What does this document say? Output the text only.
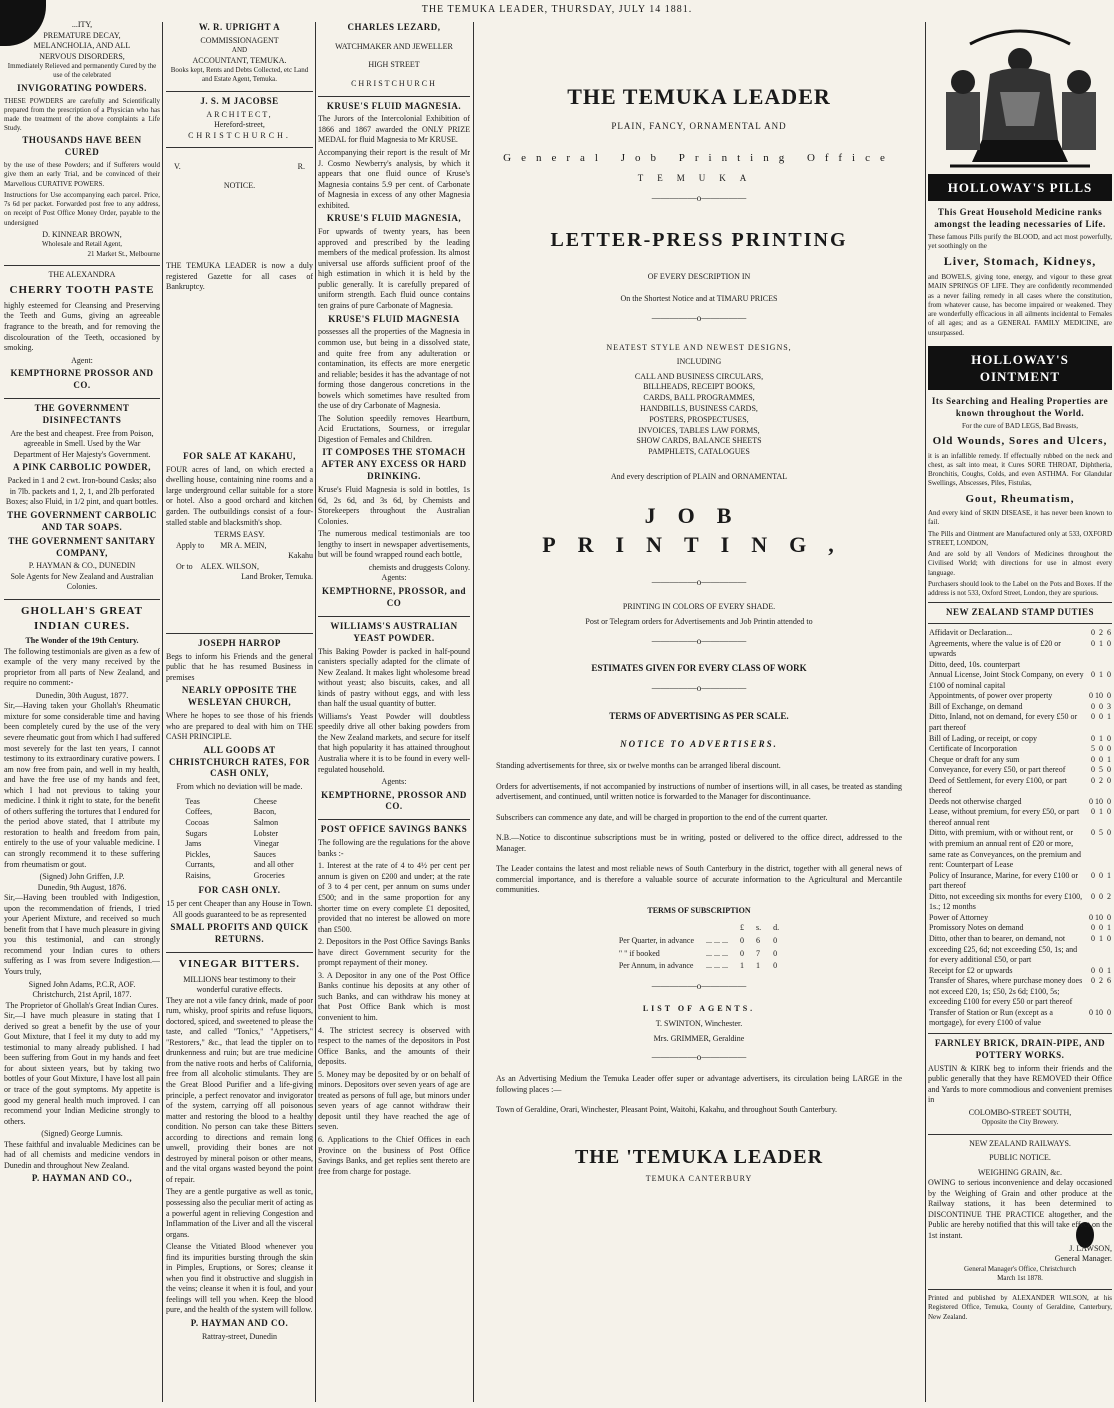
THE TEMUKA LEADER, THURSDAY, JULY 14 1881.
...ITY,
PREMATURE DECAY,
MELANCHOLIA, AND ALL
NERVOUS DISORDERS,
Immediately Relieved and permanently Cured by the use of the celebrated
INVIGORATING POWDERS.
THESE POWDERS are carefully and Scientifically prepared from the prescription of a Physician who has made the treatment of the above complaints a Life Study.
THOUSANDS HAVE BEEN CURED
by the use of these Powders; and if Sufferers would give them an early Trial, and be convinced of their Marvellous CURATIVE POWERS.
Instructions for Use accompanying each parcel. Price, 7s 6d per packet. Forwarded post free to any address, on receipt of Post Office Money Order, payable to the undersigned
D. KINNEAR BROWN,
Wholesale and Retail Agent,
21 Market St., Melbourne
THE ALEXANDRA
CHERRY TOOTH PASTE
highly esteemed for Cleansing and Preserving the Teeth and Gums, giving an agreeable fragrance to the breath, and for removing the discolouration of the Teeth, occasioned by smoking.
Agent:
KEMPTHORNE PROSSOR AND CO.
THE GOVERNMENT DISINFECTANTS
Are the best and cheapest. Free from Poison, agreeable in Smell. Used by the War Department of Her Majesty's Government.
A PINK CARBOLIC POWDER,
Packed in 1 and 2 cwt. Iron-bound Casks; also in 7lb. packets and 1, 2, 1, and 2lb perforated Boxes; also Fluid, in 1/2 pint, and quart bottles.
THE GOVERNMENT CARBOLIC AND TAR SOAPS.
THE GOVERNMENT SANITARY COMPANY,
P. HAYMAN & CO., DUNEDIN
Sole Agents for New Zealand and Australian Colonies.
GHOLLAH'S GREAT INDIAN CURES.
The Wonder of the 19th Century.
The following testimonials are given as a few of example of the very many received by the proprietor from all parts of New Zealand, and require no comment:-
Dunedin, 30th August, 1877.
Sir,—Having taken your Ghollah's Rheumatic mixture for some considerable time and having been completely cured by the use of the very severe rheumatic gout from which I had suffered most severely for the last ten years, I cannot testimony to its extraordinary curative powers. I am now free from pain, and well in my health, and have the free use of my hands and feet, which I had not previous to taking your medicine. I think it right to state, for the benefit of others suffering the tortures that I endured for the period above stated, that I attribute my restoration to health and freedom from pain, entirely to the use of your valuable medicine. I can strongly recommend it to these suffering from rheumatism or gout.
(Signed) John Griffen, J.P.
Dunedin, 9th August, 1876.
Sir,—Having been troubled with Indigestion, upon the recommendation of friends, I tried your Aperient Mixture, and received so much benefit from that I have much pleasure in giving you this testimonial, and can strongly recommend your Indian cures to others suffering as I was from severe Indigestion.—Yours truly,
Signed John Adams, P.C.R, AOF.
Christchurch, 21st April, 1877.
The Proprietor of Ghollah's Great Indian Cures.
Sir,—I have much pleasure in stating that I derived so great a benefit by the use of your Gout Mixture, that I feel it my duty to add my testimonial to many already published. I had been suffering from Gout in my hands and feet for about sixteen years, but by taking two bottles of your Gout Mixture, I have lost all pain or trace of the gout symptoms. My appetite is good my general health much improved. I can recommend your Indian Medicine strongly to others.
(Signed) George Lumnis.
These faithful and invaluable Medicines can be had of all chemists and medicine vendors in Dunedin and throughout New Zealand.
P. HAYMAN AND CO.,
W. R. UPRIGHT A
COMMISSIONAGENT
AND
ACCOUNTANT, TEMUKA.
Books kept, Rents and Debts Collected, etc Land and Estate Agent, Temuka.
J. S. M JACOBSE
ARCHITECT,
Hereford-street,
CHRISTCHURCH.
V.	R.
NOTICE.
THE TEMUKA LEADER is now a duly registered Gazette for all cases of Bankruptcy.
FOR SALE AT KAKAHU,
FOUR acres of land, on which erected a dwelling house, containing nine rooms and a large underground cellar suitable for a store or hotel. Also a good orchard and kitchen garden. The outbuildings consist of a four-stalled stable and blacksmith's shop.
TERMS EASY.
Apply to MR A. MEIN,
Kakahu
Or to ALEX. WILSON,
Land Broker, Temuka.
JOSEPH HARROP
Begs to inform his Friends and the general public that he has resumed Business in premises
NEARLY OPPOSITE THE WESLEYAN CHURCH,
Where he hopes to see those of his friends who are prepared to deal with him on THE CASH PRINCIPLE.
ALL GOODS AT CHRISTCHURCH RATES, FOR CASH ONLY,
From which no deviation will be made.
Teas
Coffees,
Cocoas
Sugars
Jams
Pickles,
Currants,
Raisins,
Cheese
Bacon,
Salmon
Lobster
Vinegar
Sauces
and all other
Groceries
FOR CASH ONLY.
15 per cent Cheaper than any House in Town.
All goods guaranteed to be as represented
SMALL PROFITS AND QUICK RETURNS.
VINEGAR BITTERS.
MILLIONS bear testimony to their wonderful curative effects.
They are not a vile fancy drink, made of poor rum, whisky, proof spirits and refuse liquors, doctored, spiced, and sweetened to please the taste, and called "Tonics," "Appetisers," "Restorers," &c., that lead the tippler on to drunkenness and ruin; but are true medicine from the native roots and herbs of California, free from all alcoholic stimulants. They are the Great Blood Purifier and a life-giving principle, a perfect renovator and invigorator of the system, carrying off all poisonous matter and restoring the blood to a healthy condition. No person can take these Bitters according to directions and remain long unwell, providing their bones are not destroyed by mineral poison or other means, and the vital organs wasted beyond the point of repair.
They are a gentle purgative as well as tonic, possessing also the peculiar merit of acting as a powerful agent in relieving Congestion and Inflammation of the Liver and all the visceral organs.
Cleanse the Vitiated Blood whenever you find its impurities bursting through the skin in Pimples, Eruptions, or Sores; cleanse it when you find it obstructive and sluggish in the veins; cleanse it when it is foul, and your feelings will tell you when. Keep the blood pure, and the health of the system will follow.
P. HAYMAN AND CO.
Rattray-street, Dunedin
CHARLES LEZARD,
WATCHMAKER AND JEWELLER
HIGH STREET
CHRISTCHURCH
KRUSE'S FLUID MAGNESIA.
The Jurors of the Intercolonial Exhibition of 1866 and 1867 awarded the ONLY PRIZE MEDAL for fluid Magnesia to Mr KRUSE.
Accompanying their report is the result of Mr J. Cosmo Newberry's analysis, by which it appears that one fluid ounce of Kruse's Magnesia contains 5.9 per cent. of Carbonate of Magnesia in excess of any other Magnesia exhibited.
KRUSE'S FLUID MAGNESIA,
For upwards of twenty years, has been approved and prescribed by the leading members of the medical profession. Its almost universal use affords sufficient proof of the high estimation in which it is held by the public generally. It is carefully prepared of uniform strength. Each fluid ounce contains ten grains of pure Carbonate of Magnesia.
KRUSE'S FLUID MAGNESIA
possesses all the properties of the Magnesia in common use, but being in a dissolved state, and quite free from any adulteration or contamination, its effects are more energetic and reliable; besides it has the advantage of not forming those dangerous concretions in the bowels which sometimes have resulted from the use of dry Carbonate of Magnesia.
The Solution speedily removes Heartburn, Acid Eructations, Sourness, or irregular Digestion of Females and Children.
IT COMPOSES THE STOMACH AFTER ANY EXCESS OR HARD DRINKING.
Kruse's Fluid Magnesia is sold in bottles, 1s 6d, 2s 6d, and 3s 6d, by Chemists and Storekeepers throughout the Australian Colonies.
The numerous medical testimonials are too lengthy to insert in newspaper advertisements, but will be found wrapped round each bottle,
chemists and druggests Colony.
Agents:
KEMPTHORNE, PROSSOR, and CO
WILLIAMS'S AUSTRALIAN YEAST POWDER.
This Baking Powder is packed in half-pound canisters specially adapted for the climate of New Zealand. It makes light wholesome bread without yeast; also biscuits, cakes, and all kinds of pastry without eggs, and with less than half the usual quantity of butter.
Williams's Yeast Powder will doubtless speedily drive all other baking powders from the New Zealand markets, and secure for itself that high popularity it has attained throughout Australia where it is to be found in every well-regulated household.
Agents:
KEMPTHORNE, PROSSOR AND CO.
POST OFFICE SAVINGS BANKS
The following are the regulations for the above banks :-
1. Interest at the rate of 4 to 4½ per cent per annum is given on £200 and under; at the rate of 3 to 4 per cent, per annum on sums under £500; and in the same proportion for any shorter time on every complete £1 deposited, provided that no interest be allowed on more than £500.
2. Depositors in the Post Office Savings Banks have direct Government security for the prompt repayment of their money.
3. A Depositor in any one of the Post Office Banks continue his deposits at any other of such Banks, and can withdraw his money at that Post Office Bank which is most convenient to him.
4. The strictest secrecy is observed with respect to the names of the depositors in Post Office Banks, and the amounts of their deposits.
5. Money may be deposited by or on behalf of minors. Depositors over seven years of age are treated as persons of full age, but minors under seven years of age cannot withdraw their deposit until they have reached the age of seven.
6. Applications to the Chief Offices in each Province on the business of Post Office Savings Banks, and get replies sent thereto are free from charge for postage.
THE TEMUKA LEADER
PLAIN, FANCY, ORNAMENTAL AND
General Job Printing Office
TEMUKA
—————o—————
LETTER-PRESS PRINTING
OF EVERY DESCRIPTION IN
On the Shortest Notice and at TIMARU PRICES
—————o—————
NEATEST STYLE AND NEWEST DESIGNS,
INCLUDING
CALL AND BUSINESS CIRCULARS,
BILLHEADS, RECEIPT BOOKS,
CARDS, BALL PROGRAMMES,
HANDBILLS, BUSINESS CARDS,
POSTERS, PROSPECTUSES,
INVOICES, TABLES LAW FORMS,
SHOW CARDS, BALANCE SHEETS
PAMPHLETS, CATALOGUES
And every description of PLAIN and ORNAMENTAL
JOB PRINTING,
—————o—————
PRINTING IN COLORS OF EVERY SHADE.
Post or Telegram orders for Advertisements and Job Printin attended to
—————o—————
ESTIMATES GIVEN FOR EVERY CLASS OF WORK
—————o—————
TERMS OF ADVERTISING AS PER SCALE.
NOTICE TO ADVERTISERS.
Standing advertisements for three, six or twelve months can be arranged liberal discount.
Orders for advertisements, if not accompanied by instructions of number of insertions will, in all cases, be treated as standing advertisement, and continued, until written notice is forwarded to the Manager for discontinuance.
Subscribers can commence any date, and will be charged in proportion to the end of the current quarter.
N.B.—Notice to discontinue subscriptions must be in writing, posted or delivered to the office direct, addressed to the Manager.
The Leader contains the latest and most reliable news of South Canterbury in the district, together with all general news of commercial importance, and is therefore a valuable source of accurate information to the Agricultural and Mercantile communities.
TERMS OF SUBSCRIPTION
		£	s.	d.
Per Quarter, in advance	... ... ...	0	6	0
" " if booked	... ... ...	0	7	0
Per Annum, in advance	... ... ...	1	1	0
—————o—————
LIST OF AGENTS.
T. SWINTON, Winchester.
Mrs. GRIMMER, Geraldine
—————o—————
As an Advertising Medium the Temuka Leader offer super or advantage advertisers, its circulation being LARGE in the following places :—
Town of Geraldine, Orari, Winchester, Pleasant Point, Waitohi, Kakahu, and throughout South Canterbury.
THE 'TEMUKA LEADER
TEMUKA CANTERBURY
HOLLOWAY'S PILLS
This Great Household Medicine ranks amongst the leading necessaries of Life.
These famous Pills purify the BLOOD, and act most powerfully, yet soothingly on the
Liver, Stomach, Kidneys,
and BOWELS, giving tone, energy, and vigour to these great MAIN SPRINGS OF LIFE. They are confidently recommended as a never failing remedy in all cases where the constitution, from whatever cause, has become impaired or weakened. They are wonderfully efficacious in all ailments incidental to Females of all ages; and as a GENERAL FAMILY MEDICINE, are unsurpassed.
HOLLOWAY'S OINTMENT
Its Searching and Healing Properties are known throughout the World.
For the cure of BAD LEGS, Bad Breasts,
Old Wounds, Sores and Ulcers,
it is an infallible remedy. If effectually rubbed on the neck and chest, as salt into meat, it Cures SORE THROAT, Diphtheria, Bronchitis, Coughs, Colds, and even ASTHMA. For Glandular Swellings, Abscesses, Piles, Fistulas,
Gout, Rheumatism,
And every kind of SKIN DISEASE, it has never been known to fail.
The Pills and Ointment are Manufactured only at 533, OXFORD STREET, LONDON,
And are sold by all Vendors of Medicines throughout the Civilised World; with directions for use in almost every language.
Purchasers should look to the Label on the Pots and Boxes. If the address is not 533, Oxford Street, London, they are spurious.
NEW ZEALAND STAMP DUTIES
Affidavit or Declaration...	0  2  6
Agreements, where the value is of £20 or upwards	0  1  0
Ditto, deed, 10s. counterpart	
Annual License, Joint Stock Company, on every £100 of nominal capital	0  1  0
Appointments, of power over property	0 10  0
Bill of Exchange, on demand	0  0  3
Ditto, Inland, not on demand, for every £50 or part thereof	0  0  1
Bill of Lading, or receipt, or copy	0  1  0
Certificate of Incorporation	5  0  0
Cheque or draft for any sum	0  0  1
Conveyance, for every £50, or part thereof	0  5  0
Deed of Settlement, for every £100, or part thereof	0  2  0
Deeds not otherwise charged	0 10  0
Lease, without premium, for every £50, or part thereof annual rent	0  1  0
Ditto, with premium, with or without rent, or with premium an annual rent of £20 or more, same rate as Conveyances, on the premium and rent: Counterpart of Lease	0  5  0
Policy of Insurance, Marine, for every £100 or part thereof	0  0  1
Ditto, not exceeding six months for every £100, 1s.; 12 months	0  0  2
Power of Attorney	0 10  0
Promissory Notes on demand	0  0  1
Ditto, other than to bearer, on demand, not exceeding £25, 6d; not exceeding £50, 1s; and for every additional £50, or part	0  1  0
Receipt for £2 or upwards	0  0  1
Transfer of Shares, where purchase money does not exceed £20, 1s; £50, 2s 6d; £100, 5s; exceeding £100 for every £50 or part thereof	0  2  6
Transfer of Station or Run (except as a mortgage), for every £100 of value	0 10  0
FARNLEY BRICK, DRAIN-PIPE, AND POTTERY WORKS.
AUSTIN & KIRK beg to inform their friends and the public generally that they have REMOVED their Office and Yards to more commodious and convenient premises in
COLOMBO-STREET SOUTH,
Opposite the City Brewery.
NEW ZEALAND RAILWAYS.
PUBLIC NOTICE.
WEIGHING GRAIN, &c.
OWING to serious inconvenience and delay occasioned by the Weighing of Grain and other produce at the Railway stations, it has been determined to DISCONTINUE THE PRACTICE altogether, and the Public are hereby notified that this will take effect on the 1st instant.
J. LAWSON,
General Manager.
General Manager's Office, Christchurch
March 1st 1878.
Printed and published by ALEXANDER WILSON, at his Registered Office, Temuka, County of Geraldine, Canterbury, New Zealand.
